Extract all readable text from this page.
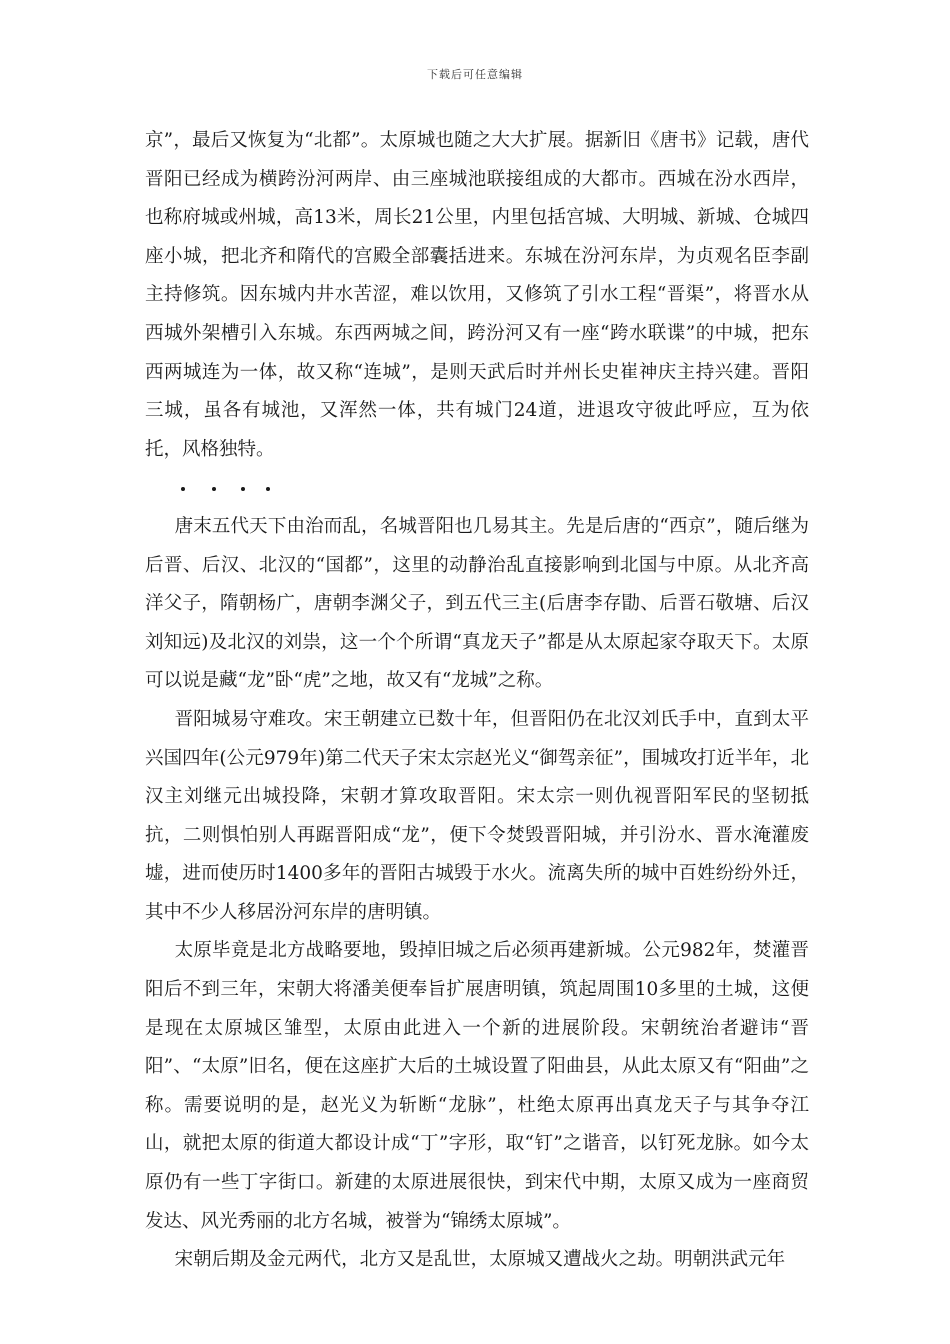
下载后可任意编辑

京”，最后又恢复为“北都”。太原城也随之大大扩展。据新旧《唐书》记载，唐代晋阳已经成为横跨汾河两岸、由三座城池联接组成的大都市。西城在汾水西岸，也称府城或州城，高13米，周长21公里，内里包括宫城、大明城、新城、仓城四座小城，把北齐和隋代的宫殿全部囊括进来。东城在汾河东岸，为贞观名臣李副主持修筑。因东城内井水苦涩，难以饮用，又修筑了引水工程“晋渠”，将晋水从西城外架槽引入东城。东西两城之间，跨汾河又有一座“跨水联谍”的中城，把东西两城连为一体，故又称“连城”，是则天武后时并州长史崔神庆主持兴建。晋阳三城，虽各有城池，又浑然一体，共有城门24道，进退攻守彼此呼应，互为依托，风格独特。

唐末五代天下由治而乱，名城晋阳也几易其主。先是后唐的“西京”，随后继为后晋、后汉、北汉的“国都”，这里的动静治乱直接影响到北国与中原。从北齐高洋父子，隋朝杨广，唐朝李渊父子，到五代三主(后唐李存勖、后晋石敬塘、后汉刘知远)及北汉的刘祟，这一个个所谓“真龙天子”都是从太原起家夺取天下。太原可以说是藏“龙”卧“虎”之地，故又有“龙城”之称。

晋阳城易守难攻。宋王朝建立已数十年，但晋阳仍在北汉刘氏手中，直到太平兴国四年(公元979年)第二代天子宋太宗赵光义“御驾亲征”，围城攻打近半年，北汉主刘继元出城投降，宋朝才算攻取晋阳。宋太宗一则仇视晋阳军民的坚韧抵抗，二则惧怕别人再踞晋阳成“龙”，便下令焚毁晋阳城，并引汾水、晋水淹灌废墟，进而使历时1400多年的晋阳古城毁于水火。流离失所的城中百姓纷纷外迁，其中不少人移居汾河东岸的唐明镇。

太原毕竟是北方战略要地，毁掉旧城之后必须再建新城。公元982年，焚灌晋阳后不到三年，宋朝大将潘美便奉旨扩展唐明镇，筑起周围10多里的土城，这便是现在太原城区雏型，太原由此进入一个新的进展阶段。宋朝统治者避讳“晋阳”、“太原”旧名，便在这座扩大后的土城设置了阳曲县，从此太原又有“阳曲”之称。需要说明的是，赵光义为斩断“龙脉”，杜绝太原再出真龙天子与其争夺江山，就把太原的街道大都设计成“丁”字形，取“钉”之谐音，以钉死龙脉。如今太原仍有一些丁字街口。新建的太原进展很快，到宋代中期，太原又成为一座商贸发达、风光秀丽的北方名城，被誉为“锦绣太原城”。

宋朝后期及金元两代，北方又是乱世，太原城又遭战火之劫。明朝洪武元年
